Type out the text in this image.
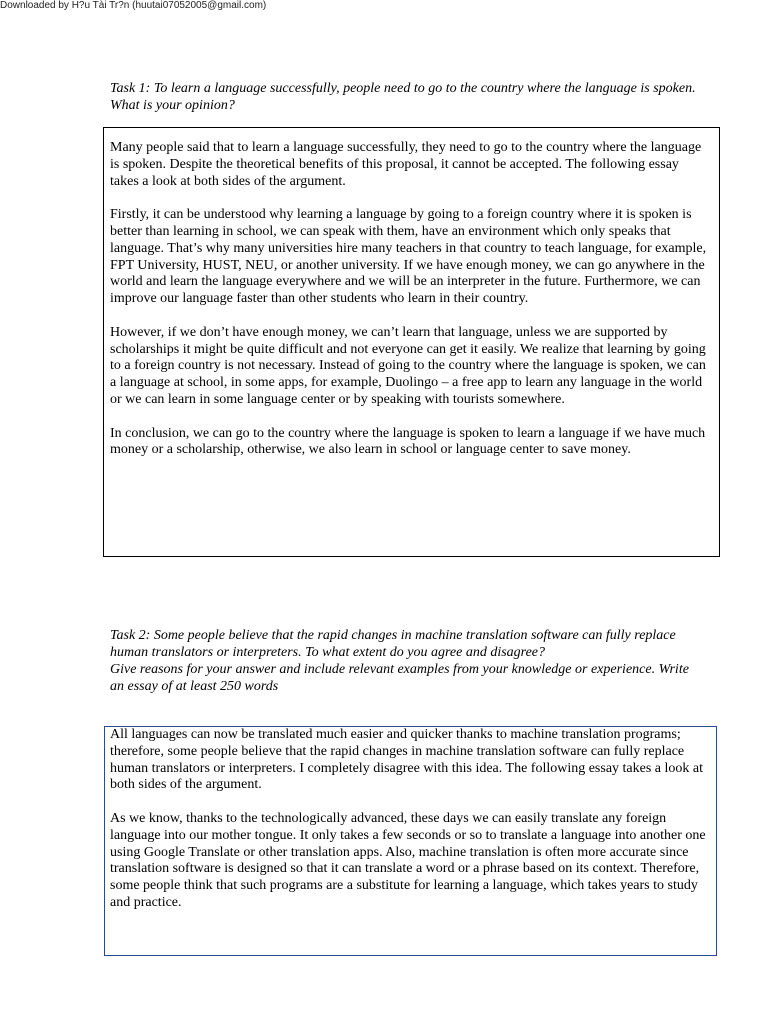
Downloaded by H?u Tài Tr?n (huutai07052005@gmail.com)

Task 1: To learn a language successfully, people need to go to the country where the language is spoken. What is your opinion?

Many people said that to learn a language successfully, they need to go to the country where the language is spoken. Despite the theoretical benefits of this proposal, it cannot be accepted. The following essay takes a look at both sides of the argument.

Firstly, it can be understood why learning a language by going to a foreign country where it is spoken is better than learning in school, we can speak with them, have an environment which only speaks that language. That’s why many universities hire many teachers in that country to teach language, for example, FPT University, HUST, NEU, or another university. If we have enough money, we can go anywhere in the world and learn the language everywhere and we will be an interpreter in the future. Furthermore, we can improve our language faster than other students who learn in their country.

However, if we don’t have enough money, we can’t learn that language, unless we are supported by scholarships it might be quite difficult and not everyone can get it easily. We realize that learning by going to a foreign country is not necessary. Instead of going to the country where the language is spoken, we can a language at school, in some apps, for example, Duolingo – a free app to learn any language in the world or we can learn in some language center or by speaking with tourists somewhere.

In conclusion, we can go to the country where the language is spoken to learn a language if we have much money or a scholarship, otherwise, we also learn in school or language center to save money.

Task 2: Some people believe that the rapid changes in machine translation software can fully replace human translators or interpreters. To what extent do you agree and disagree?

Give reasons for your answer and include relevant examples from your knowledge or experience. Write an essay of at least 250 words

All languages can now be translated much easier and quicker thanks to machine translation programs; therefore, some people believe that the rapid changes in machine translation software can fully replace human translators or interpreters. I completely disagree with this idea. The following essay takes a look at both sides of the argument.

As we know, thanks to the technologically advanced, these days we can easily translate any foreign language into our mother tongue. It only takes a few seconds or so to translate a language into another one using Google Translate or other translation apps. Also, machine translation is often more accurate since translation software is designed so that it can translate a word or a phrase based on its context. Therefore, some people think that such programs are a substitute for learning a language, which takes years to study and practice.
